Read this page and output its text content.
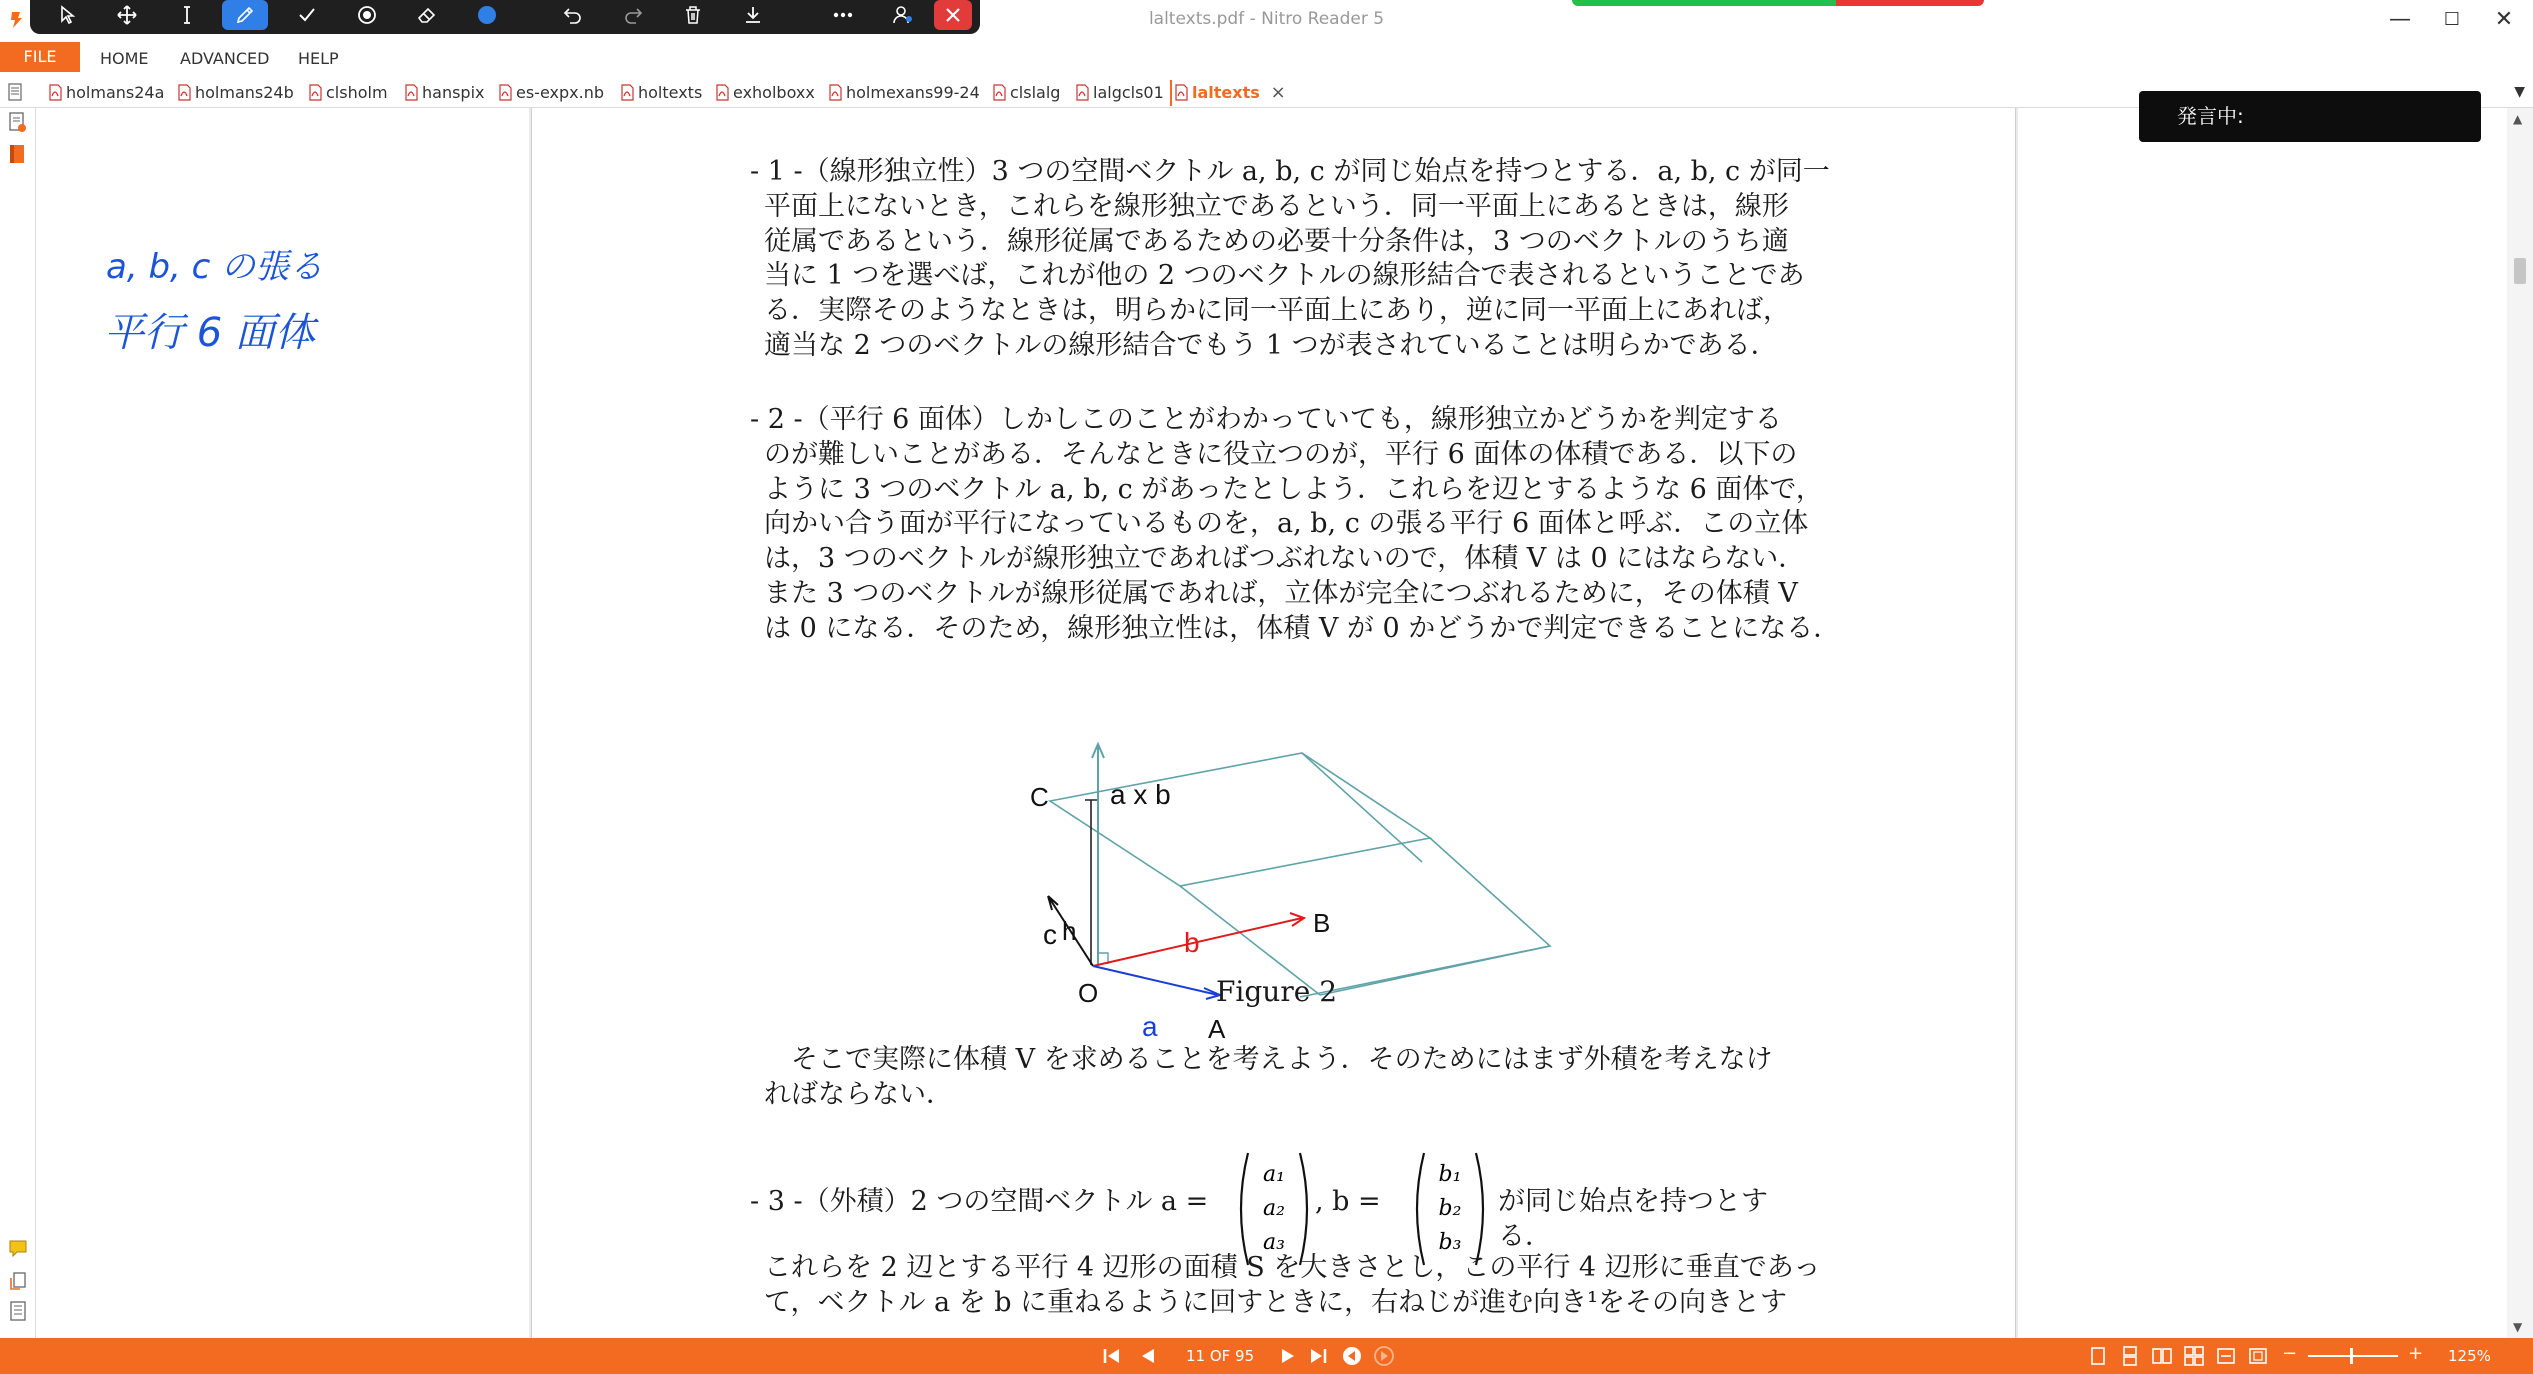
laltexts.pdf - Nitro Reader 5	—	☐	✕
FILE	HOME ADVANCED HELP
holmans24a	holmans24b	clsholm	hanspix	es-expx.nb	holtexts	exholboxx	holmexans99-24	clslalg	lalgcls01	laltexts ×	▼
a, b, c の張る
平行 6 面体

- 1 -（線形独立性）3 つの空間ベクトル a, b, c が同じ始点を持つとする．a, b, c が同一

平面上にないとき，これらを線形独立であるという．同一平面上にあるときは，線形

従属であるという．線形従属であるための必要十分条件は，3 つのベクトルのうち適

当に 1 つを選べば，これが他の 2 つのベクトルの線形結合で表されるということであ

る．実際そのようなときは，明らかに同一平面上にあり，逆に同一平面上にあれば，

適当な 2 つのベクトルの線形結合でもう 1 つが表されていることは明らかである．

- 2 -（平行 6 面体）しかしこのことがわかっていても，線形独立かどうかを判定する

のが難しいことがある．そんなときに役立つのが，平行 6 面体の体積である．以下の

ように 3 つのベクトル a, b, c があったとしよう．これらを辺とするような 6 面体で，

向かい合う面が平行になっているものを，a, b, c の張る平行 6 面体と呼ぶ．この立体

は，3 つのベクトルが線形独立であればつぶれないので，体積 V は 0 にはならない．

また 3 つのベクトルが線形従属であれば，立体が完全につぶれるために，その体積 V

は 0 になる．そのため，線形独立性は，体積 V が 0 かどうかで判定できることになる．

C
O
A
B
a
b
c h
a x b
Figure 2

　そこで実際に体積 V を求めることを考えよう．そのためにはまず外積を考えなけ

ればならない．

- 3 -（外積）2 つの空間ベクトル a =
a₁
a₂
a₃
, b =
b₁
b₂
b₃
が同じ始点を持つとする．

これらを 2 辺とする平行 4 辺形の面積 S を大きさとし，この平行 4 辺形に垂直であっ

て，ベクトル a を b に重ねるように回すときに，右ねじが進む向き¹をその向きとす

発言中:	▲
▼
11 OF 95	−	+ 125%
